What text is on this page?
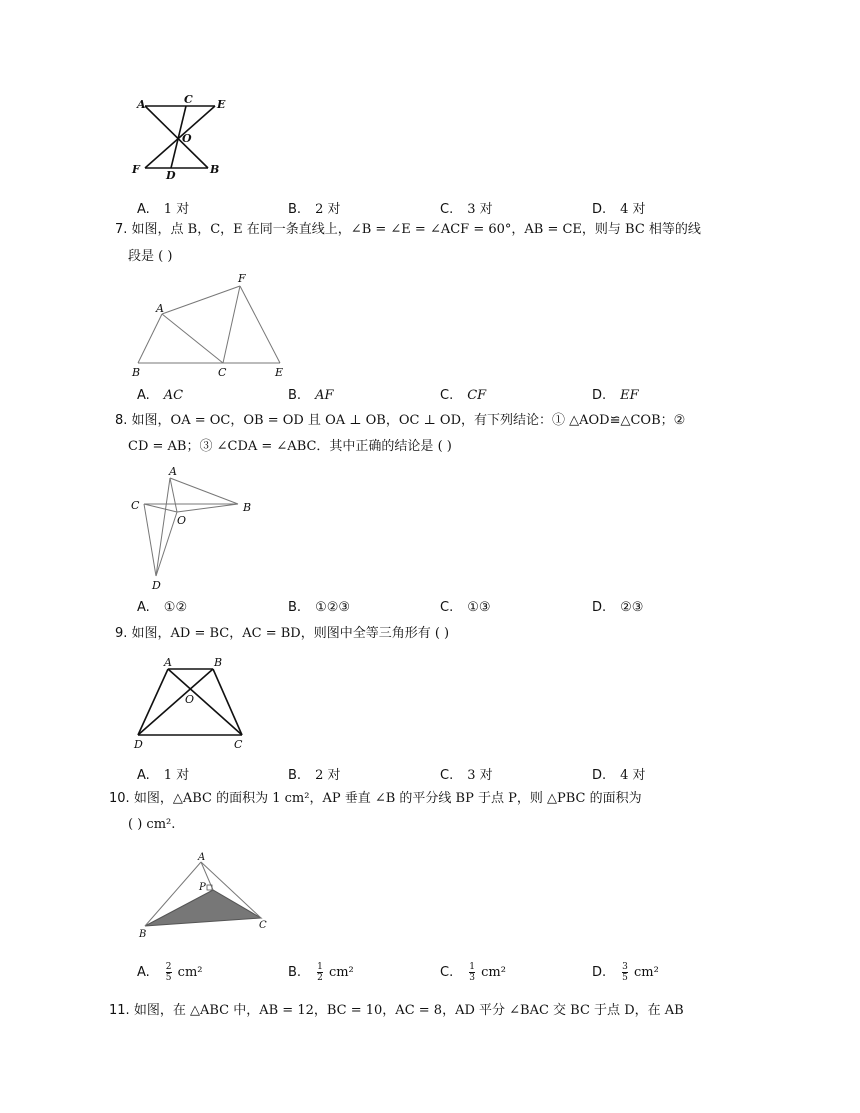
A	C E
O
F D	B
A. 1 对	B. 2 对	C. 3 对	D. 4 对
7. 如图，点 B，C，E 在同一条直线上，∠B = ∠E = ∠ACF = 60°，AB = CE，则与 BC 相等的线
段是 ( )
F
A
B	C	E
A. AC	B. AF	C. CF	D. EF
8. 如图，OA = OC，OB = OD 且 OA ⊥ OB，OC ⊥ OD，有下列结论：① △AOD≌△COB；②
CD = AB；③ ∠CDA = ∠ABC．其中正确的结论是 ( )
A
C
O
B
D
A. ①②	B. ①②③	C. ①③	D. ②③
9. 如图，AD = BC，AC = BD，则图中全等三角形有 ( )
A	B
O
D	C
A. 1 对	B. 2 对	C. 3 对	D. 4 对
10. 如图，△ABC 的面积为 1 cm²，AP 垂直 ∠B 的平分线 BP 于点 P，则 △PBC 的面积为
( ) cm².
A
P
B
C
A. $\frac{2}{5} cm^2$	B. $\frac{1}{2} cm^2$	C. $\frac{1}{3} cm^2$	D. $\frac{3}{5} cm^2$
11. 如图，在 △ABC 中，AB = 12，BC = 10，AC = 8，AD 平分 ∠BAC 交 BC 于点 D，在 AB
